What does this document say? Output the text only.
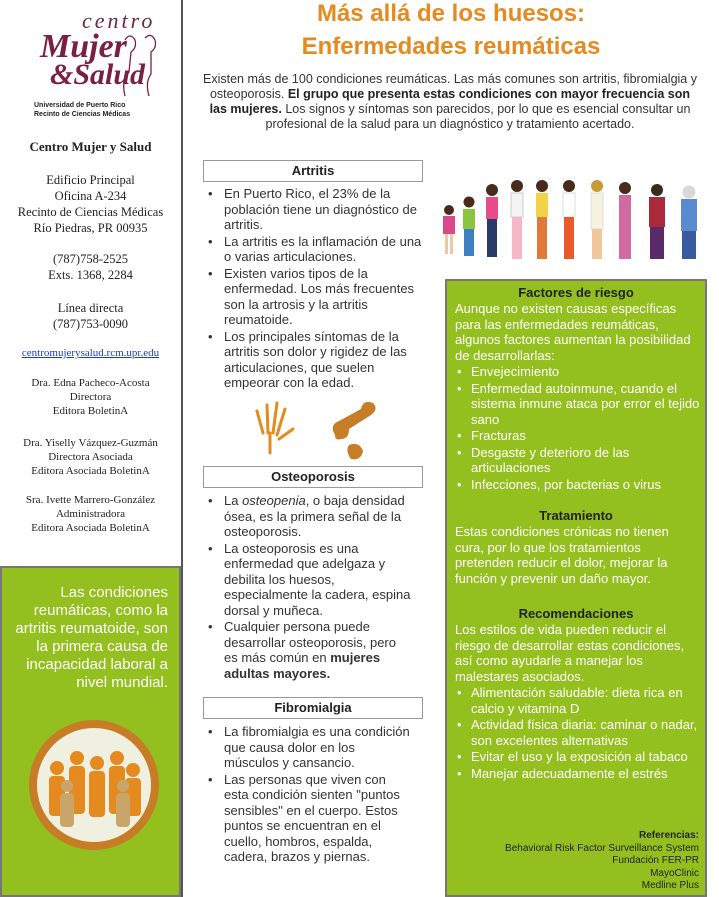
centro
Mujer
&Salud
Universidad de Puerto Rico
Recinto de Ciencias Médicas
Centro Mujer y Salud
Edificio Principal
Oficina A-234
Recinto de Ciencias Médicas
Río Piedras, PR 00935
(787)758-2525
Exts. 1368, 2284
Línea directa
(787)753-0090
centromujerysalud.rcm.upr.edu
Dra. Edna Pacheco-Acosta
Directora
Editora BoletinA
Dra. Yiselly Vázquez-Guzmán
Directora Asociada
Editora Asociada BoletinA
Sra. Ivette Marrero-González
Administradora
Editora Asociada BoletinA
Las condiciones reumáticas, como la artritis reumatoide, son la primera causa de incapacidad laboral a nivel mundial.
Más allá de los huesos:
Enfermedades reumáticas
Existen más de 100 condiciones reumáticas. Las más comunes son artritis, fibromialgia y osteoporosis. El grupo que presenta estas condiciones con mayor frecuencia son las mujeres. Los signos y síntomas son parecidos, por lo que es esencial consultar un profesional de la salud para un diagnóstico y tratamiento acertado.
Artritis
• En Puerto Rico, el 23% de la población tiene un diagnóstico de artritis.
• La artritis es la inflamación de una o varias articulaciones.
• Existen varios tipos de la enfermedad. Los más frecuentes son la artrosis y la artritis reumatoide.
• Los principales síntomas de la artritis son dolor y rigidez de las articulaciones, que suelen empeorar con la edad.
Osteoporosis
• La osteopenia, o baja densidad ósea, es la primera señal de la osteoporosis.
• La osteoporosis es una enfermedad que adelgaza y debilita los huesos, especialmente la cadera, espina dorsal y muñeca.
• Cualquier persona puede desarrollar osteoporosis, pero es más común en mujeres adultas mayores.
Fibromialgia
• La fibromialgia es una condición que causa dolor en los músculos y cansancio.
• Las personas que viven con esta condición sienten "puntos sensibles" en el cuerpo. Estos puntos se encuentran en el cuello, hombros, espalda, cadera, brazos y piernas.
Factores de riesgo
Aunque no existen causas específicas para las enfermedades reumáticas, algunos factores aumentan la posibilidad de desarrollarlas:
• Envejecimiento
• Enfermedad autoinmune, cuando el sistema inmune ataca por error el tejido sano
• Fracturas
• Desgaste y deterioro de las articulaciones
• Infecciones, por bacterias o virus
Tratamiento
Estas condiciones crónicas no tienen cura, por lo que los tratamientos pretenden reducir el dolor, mejorar la función y prevenir un daño mayor.
Recomendaciones
Los estilos de vida pueden reducir el riesgo de desarrollar estas condiciones, así como ayudarle a manejar los malestares asociados.
• Alimentación saludable: dieta rica en calcio y vitamina D
• Actividad física diaria: caminar o nadar, son excelentes alternativas
• Evitar el uso y la exposición al tabaco
• Manejar adecuadamente el estrés
Referencias:
Behavioral Risk Factor Surveillance System
Fundación FER-PR
MayoClinic
Medline Plus
